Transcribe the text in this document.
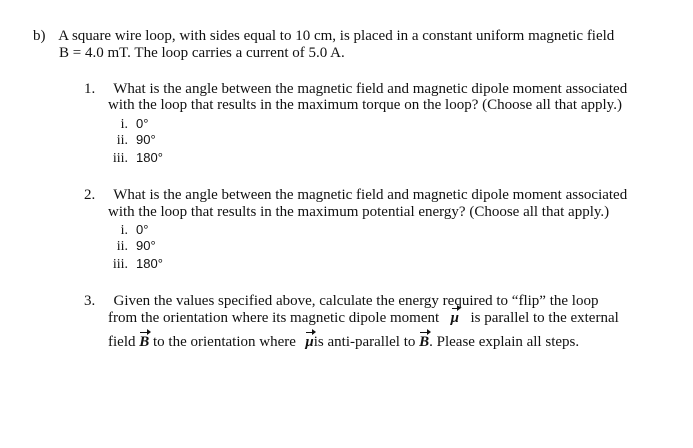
b) A square wire loop, with sides equal to 10 cm, is placed in a constant uniform magnetic field
B = 4.0 mT. The loop carries a current of 5.0 A.
1. What is the angle between the magnetic field and magnetic dipole moment associated
with the loop that results in the maximum torque on the loop? (Choose all that apply.)
i. 0°
ii. 90°
iii. 180°
2. What is the angle between the magnetic field and magnetic dipole moment associated
with the loop that results in the maximum potential energy? (Choose all that apply.)
i. 0°
ii. 90°
iii. 180°
3. Given the values specified above, calculate the energy required to “flip” the loop
from the orientation where its magnetic dipole moment μ is parallel to the external
field B to the orientation where μis anti-parallel to B. Please explain all steps.
